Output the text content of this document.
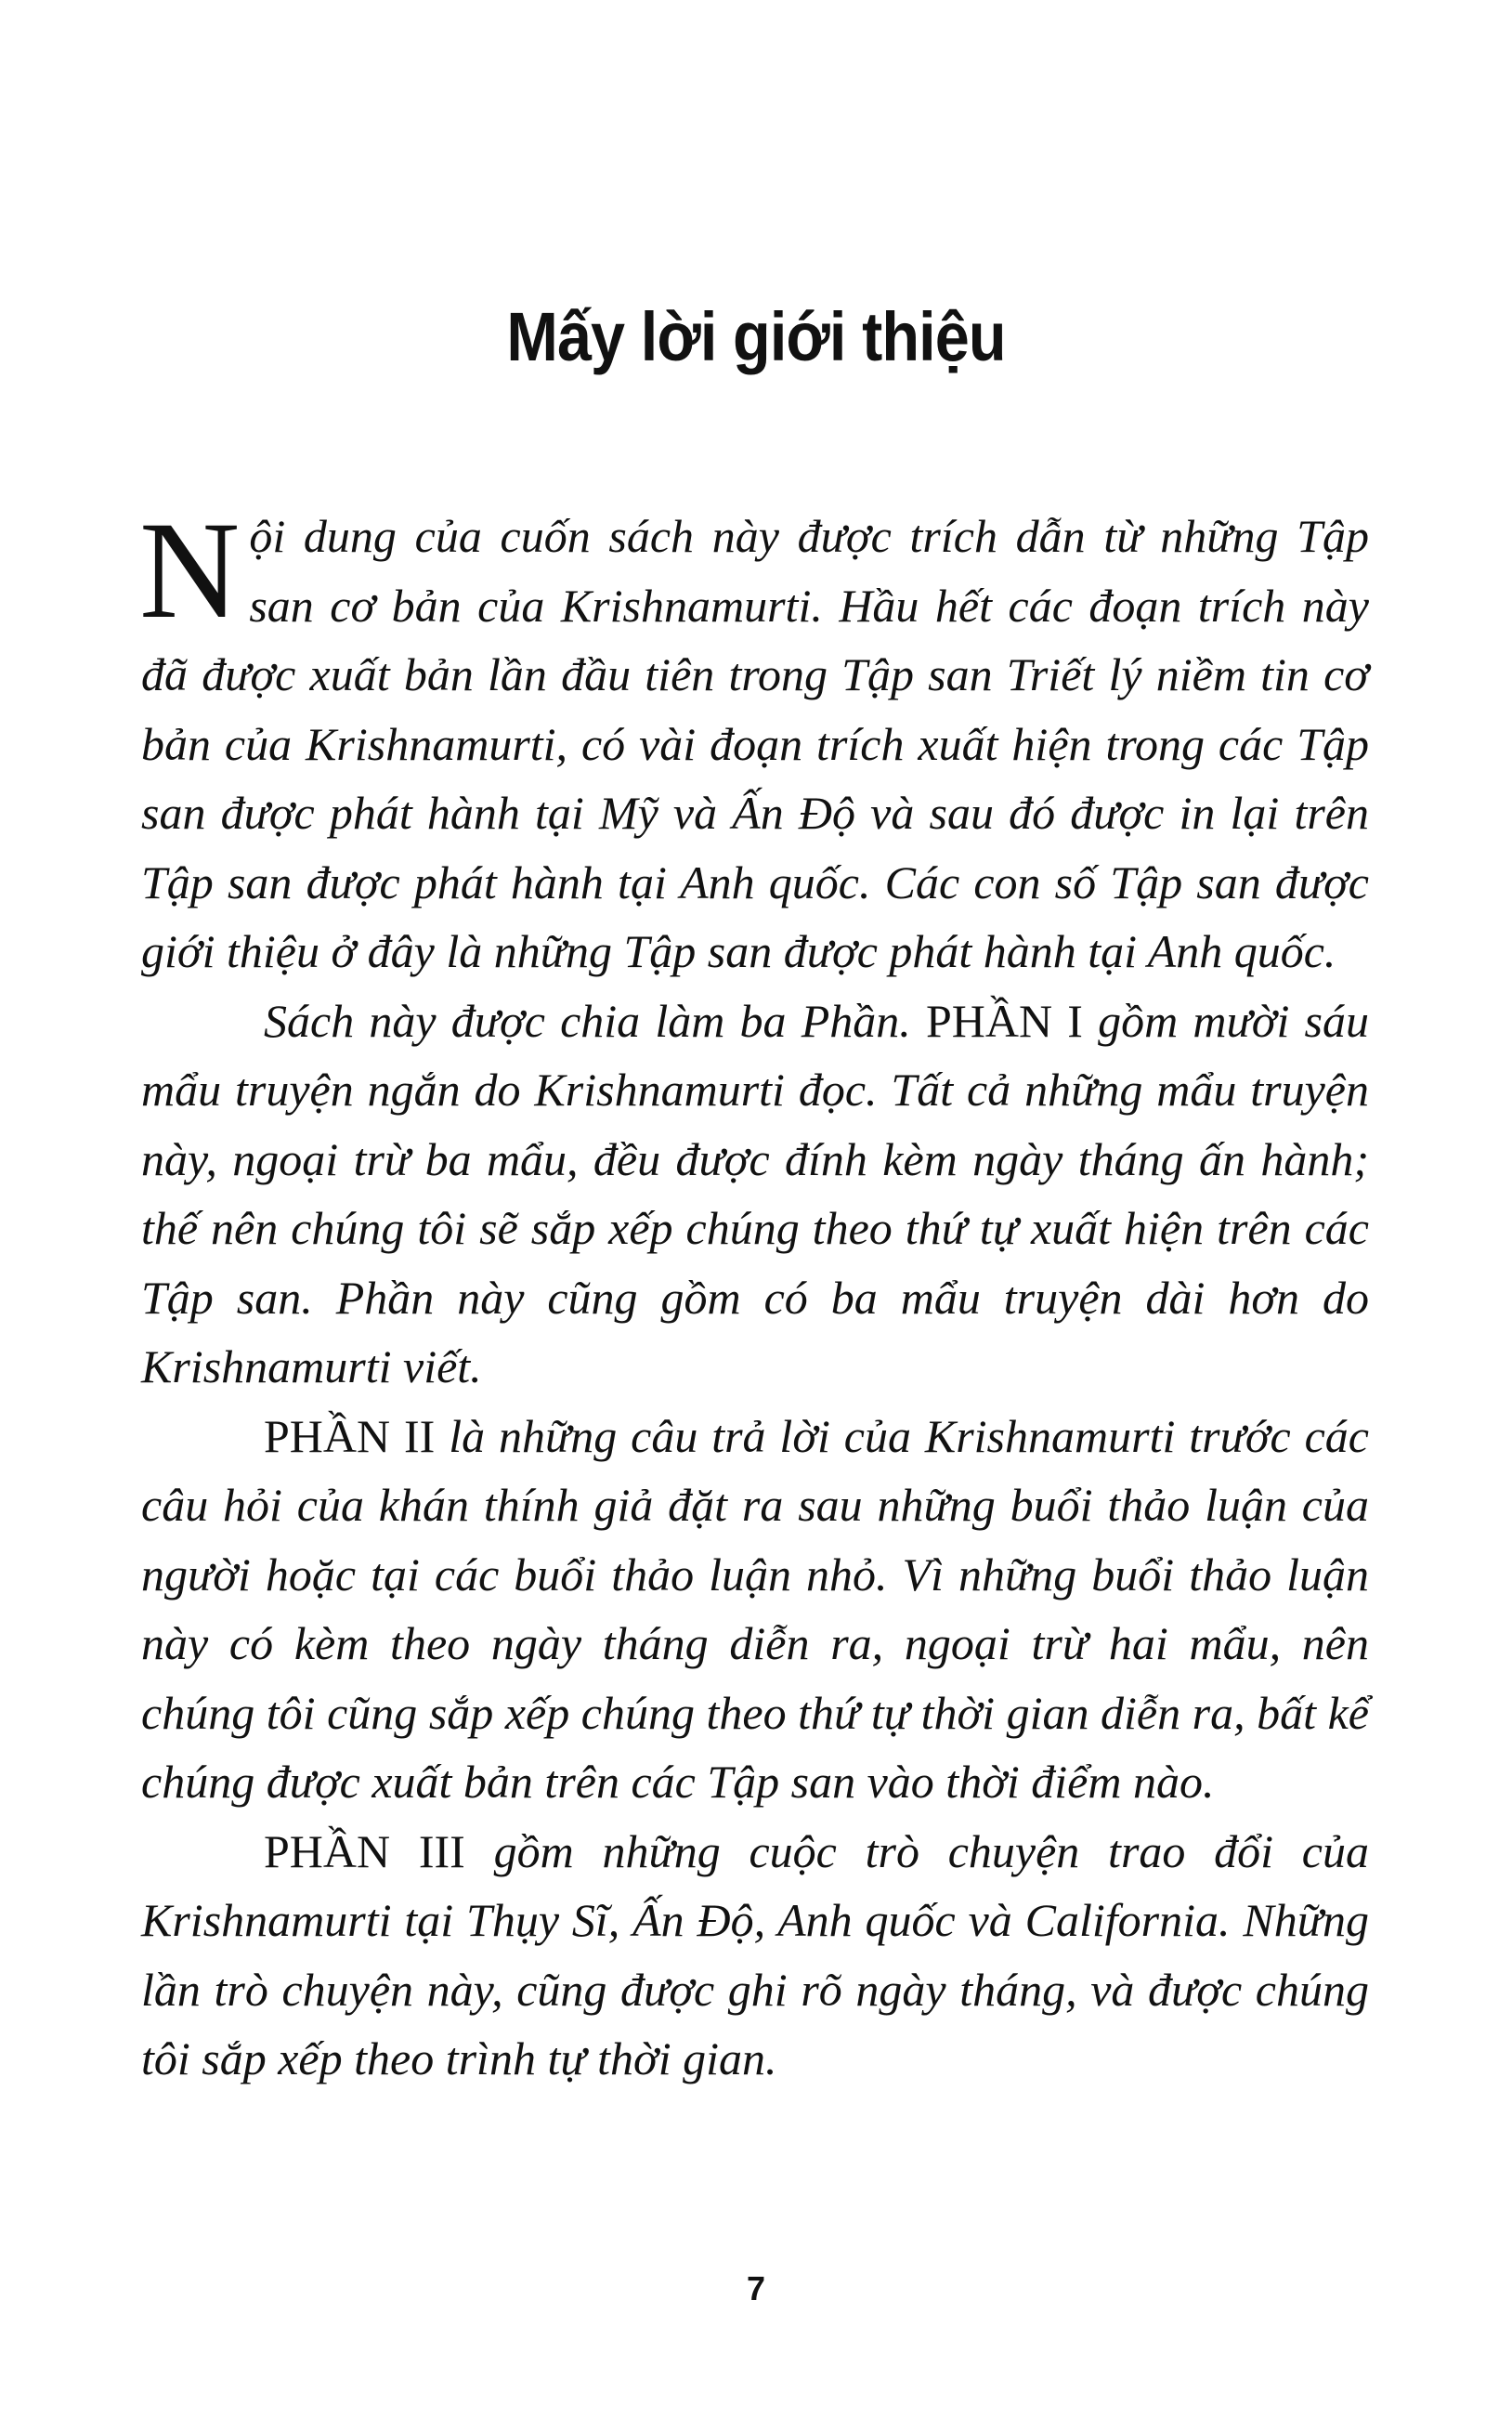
Mấy lời giới thiệu

Nội dung của cuốn sách này được trích dẫn từ những Tập san cơ bản của Krishnamurti. Hầu hết các đoạn trích này đã được xuất bản lần đầu tiên trong Tập san Triết lý niềm tin cơ bản của Krishnamurti, có vài đoạn trích xuất hiện trong các Tập san được phát hành tại Mỹ và Ấn Độ và sau đó được in lại trên Tập san được phát hành tại Anh quốc. Các con số Tập san được giới thiệu ở đây là những Tập san được phát hành tại Anh quốc.

Sách này được chia làm ba Phần. PHẦN I gồm mười sáu mẩu truyện ngắn do Krishnamurti đọc. Tất cả những mẩu truyện này, ngoại trừ ba mẩu, đều được đính kèm ngày tháng ấn hành; thế nên chúng tôi sẽ sắp xếp chúng theo thứ tự xuất hiện trên các Tập san. Phần này cũng gồm có ba mẩu truyện dài hơn do Krishnamurti viết.

PHẦN II là những câu trả lời của Krishnamurti trước các câu hỏi của khán thính giả đặt ra sau những buổi thảo luận của người hoặc tại các buổi thảo luận nhỏ. Vì những buổi thảo luận này có kèm theo ngày tháng diễn ra, ngoại trừ hai mẩu, nên chúng tôi cũng sắp xếp chúng theo thứ tự thời gian diễn ra, bất kể chúng được xuất bản trên các Tập san vào thời điểm nào.

PHẦN III gồm những cuộc trò chuyện trao đổi của Krishnamurti tại Thụy Sĩ, Ấn Độ, Anh quốc và California. Những lần trò chuyện này, cũng được ghi rõ ngày tháng, và được chúng tôi sắp xếp theo trình tự thời gian.

7
